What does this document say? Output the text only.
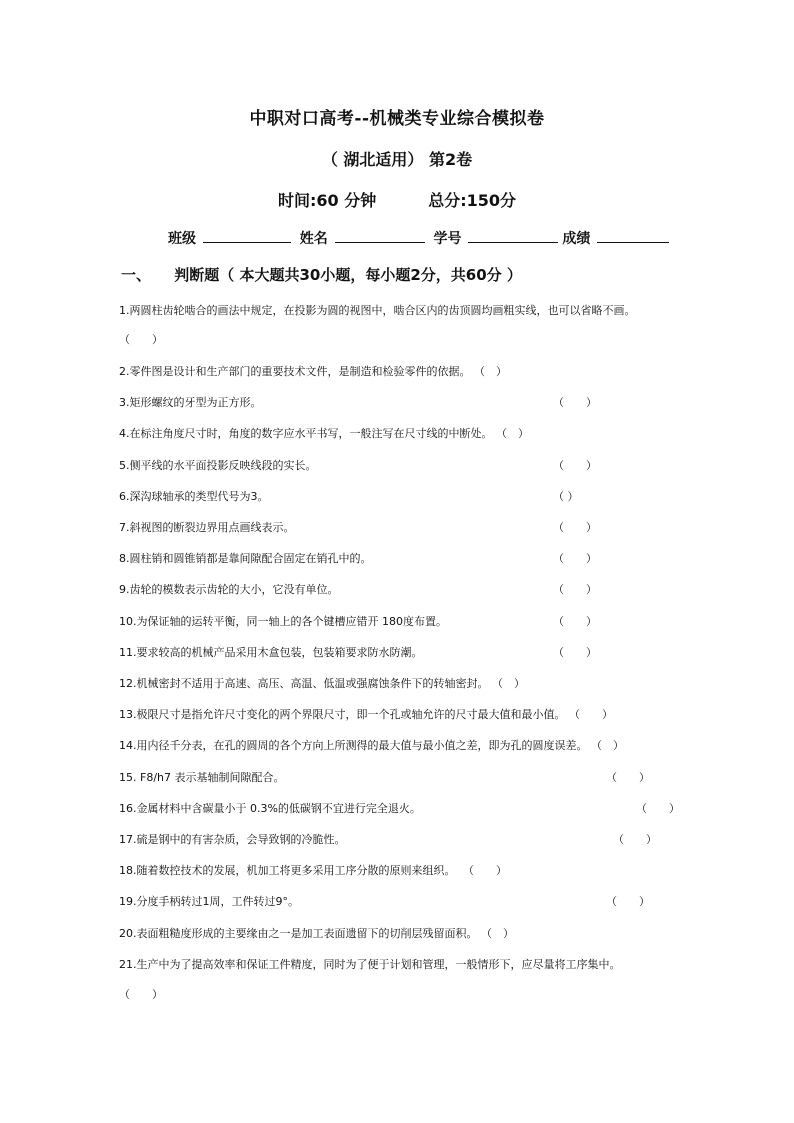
中职对口高考--机械类专业综合模拟卷
（ 湖北适用） 第2卷
时间:60 分钟	总分:150分
班级	姓名	学号	成绩
一、 判断题（ 本大题共30小题，每小题2分，共60分 ）
1.两圆柱齿轮啮合的画法中规定，在投影为圆的视图中，啮合区内的齿顶圆均画粗实线，也可以省略不画。
（　　）
2.零件图是设计和生产部门的重要技术文件，是制造和检验零件的依据。 （　）
3.矩形螺纹的牙型为正方形。	（　　）
4.在标注角度尺寸时，角度的数字应水平书写，一般注写在尺寸线的中断处。 （　）
5.侧平线的水平面投影反映线段的实长。	（　　）
6.深沟球轴承的类型代号为3。	（ ）
7.斜视图的断裂边界用点画线表示。	（　　）
8.圆柱销和圆锥销都是靠间隙配合固定在销孔中的。	（　　）
9.齿轮的模数表示齿轮的大小，它没有单位。	（　　）
10.为保证轴的运转平衡，同一轴上的各个键槽应错开 180度布置。	（　　）
11.要求较高的机械产品采用木盒包装，包装箱要求防水防潮。	（　　）
12.机械密封不适用于高速、高压、高温、低温或强腐蚀条件下的转轴密封。 （　）
13.极限尺寸是指允许尺寸变化的两个界限尺寸，即一个孔或轴允许的尺寸最大值和最小值。 （　　）
14.用内径千分表，在孔的圆周的各个方向上所测得的最大值与最小值之差，即为孔的圆度误差。 （　）
15. F8/h7 表示基轴制间隙配合。	（　　）
16.金属材料中含碳量小于 0.3%的低碳钢不宜进行完全退火。	（　　）
17.硫是钢中的有害杂质，会导致钢的冷脆性。	（　　）
18.随着数控技术的发展，机加工将更多采用工序分散的原则来组织。 （　　）
19.分度手柄转过1周，工件转过9°。	（　　）
20.表面粗糙度形成的主要缘由之一是加工表面遗留下的切削层残留面积。 （　）
21.生产中为了提高效率和保证工件精度，同时为了便于计划和管理，一般情形下，应尽量将工序集中。
（　　）
